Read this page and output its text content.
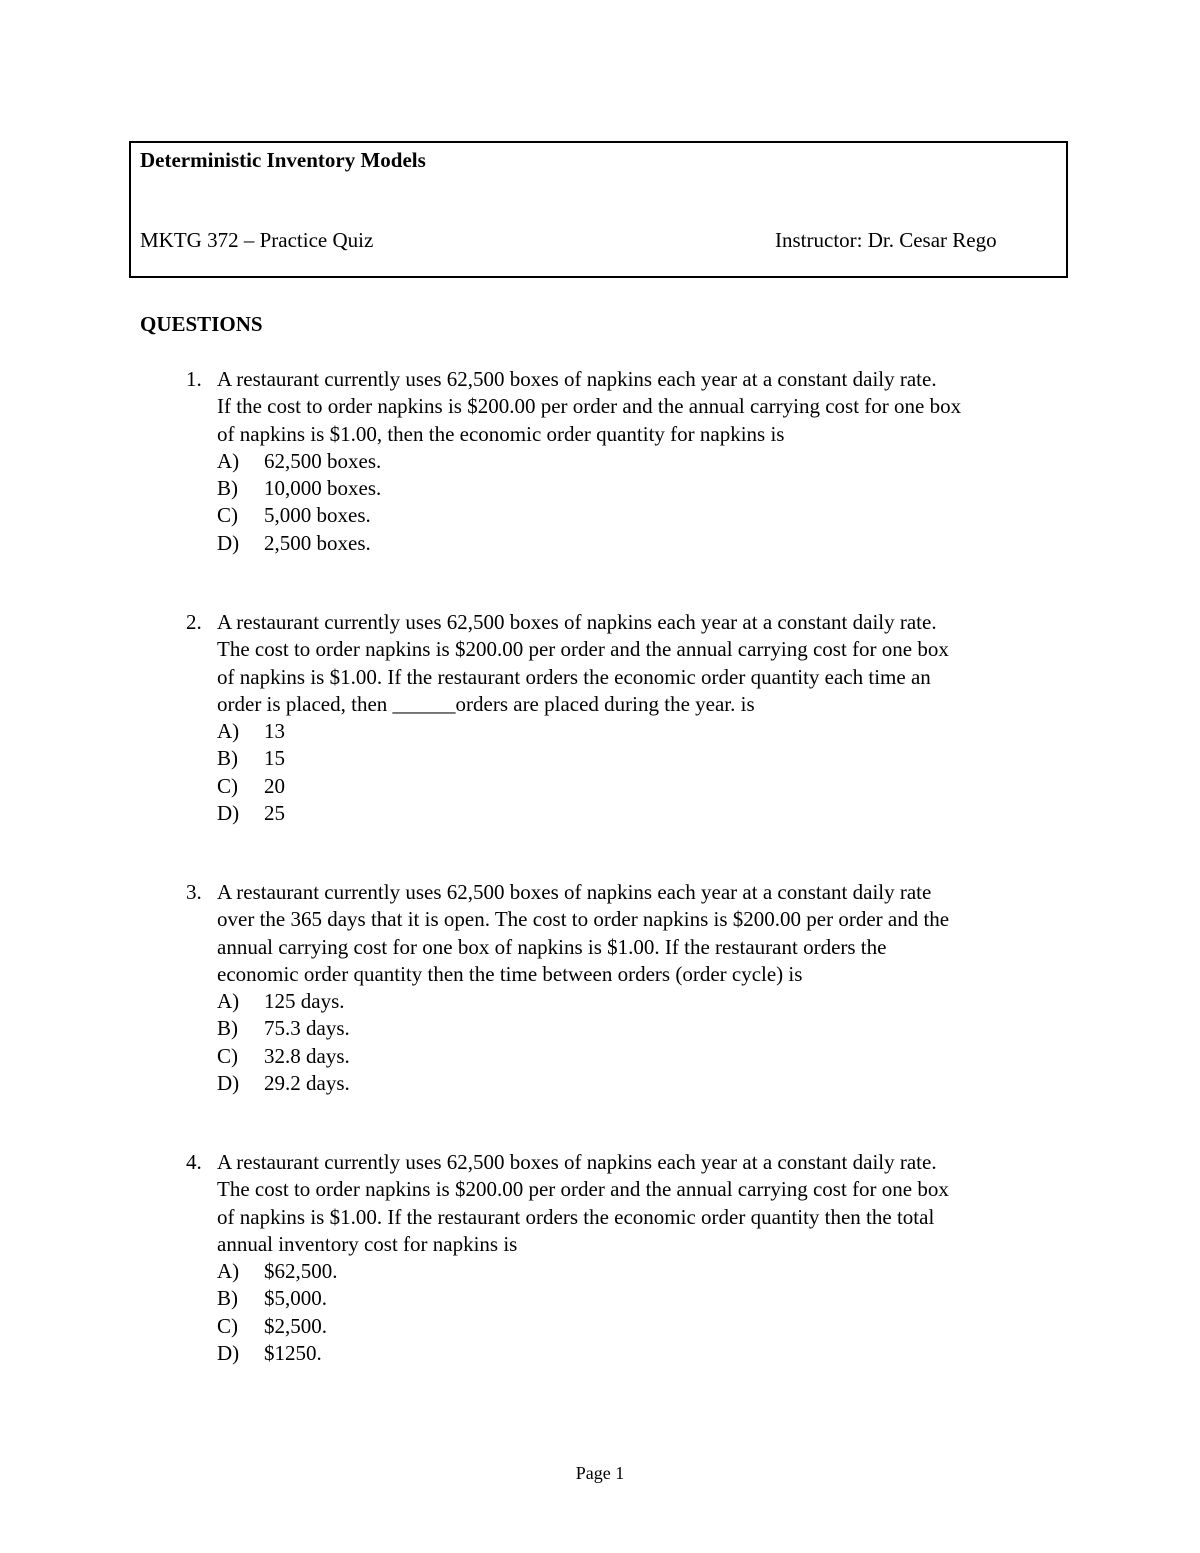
Deterministic Inventory Models
MKTG 372 – Practice Quiz	Instructor: Dr. Cesar Rego
QUESTIONS
1. A restaurant currently uses 62,500 boxes of napkins each year at a constant daily rate.
If the cost to order napkins is $200.00 per order and the annual carrying cost for one box
of napkins is $1.00, then the economic order quantity for napkins is
A) 62,500 boxes.
B) 10,000 boxes.
C) 5,000 boxes.
D) 2,500 boxes.
2. A restaurant currently uses 62,500 boxes of napkins each year at a constant daily rate.
The cost to order napkins is $200.00 per order and the annual carrying cost for one box
of napkins is $1.00. If the restaurant orders the economic order quantity each time an
order is placed, then ______orders are placed during the year. is
A) 13
B) 15
C) 20
D) 25
3. A restaurant currently uses 62,500 boxes of napkins each year at a constant daily rate
over the 365 days that it is open. The cost to order napkins is $200.00 per order and the
annual carrying cost for one box of napkins is $1.00. If the restaurant orders the
economic order quantity then the time between orders (order cycle) is
A) 125 days.
B) 75.3 days.
C) 32.8 days.
D) 29.2 days.
4. A restaurant currently uses 62,500 boxes of napkins each year at a constant daily rate.
The cost to order napkins is $200.00 per order and the annual carrying cost for one box
of napkins is $1.00. If the restaurant orders the economic order quantity then the total
annual inventory cost for napkins is
A) $62,500.
B) $5,000.
C) $2,500.
D) $1250.
Page 1
